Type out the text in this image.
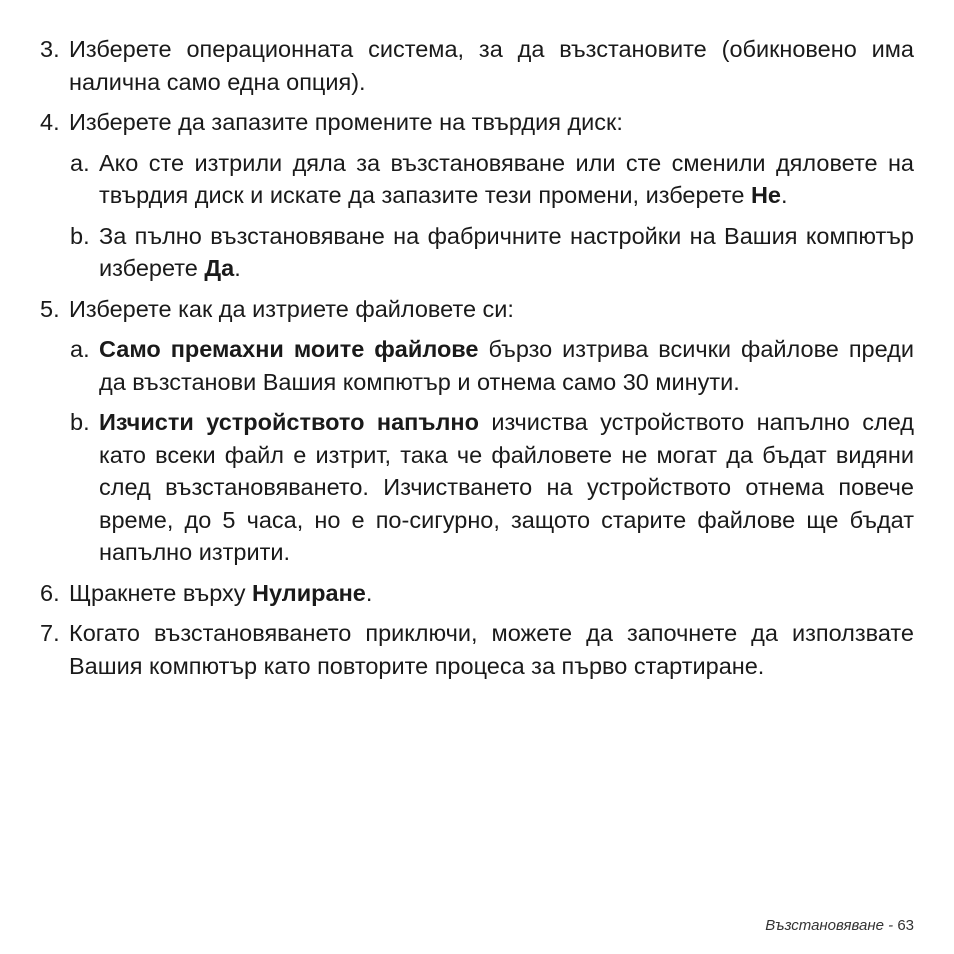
3. Изберете операционната система, за да възстановите (обикновено има налична само една опция).
4. Изберете да запазите промените на твърдия диск:
a. Ако сте изтрили дяла за възстановяване или сте сменили дяловете на твърдия диск и искате да запазите тези промени, изберете Не.
b. За пълно възстановяване на фабричните настройки на Вашия компютър изберете Да.
5. Изберете как да изтриете файловете си:
a. Само премахни моите файлове бързо изтрива всички файлове преди да възстанови Вашия компютър и отнема само 30 минути.
b. Изчисти устройството напълно изчиства устройството напълно след като всеки файл е изтрит, така че файловете не могат да бъдат видяни след възстановяването. Изчистването на устройството отнема повече време, до 5 часа, но е по-сигурно, защото старите файлове ще бъдат напълно изтрити.
6. Щракнете върху Нулиране.
7. Когато възстановяването приключи, можете да започнете да използвате Вашия компютър като повторите процеса за първо стартиране.
Възстановяване - 63
